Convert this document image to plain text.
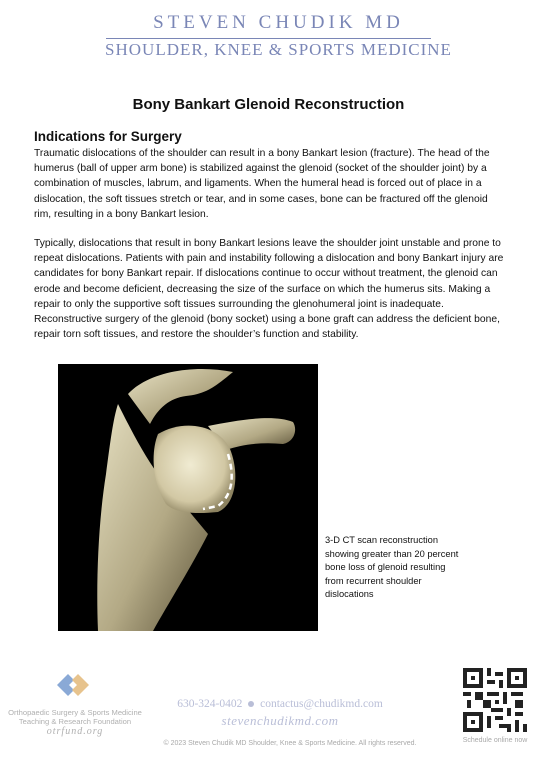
STEVEN CHUDIK MD
SHOULDER, KNEE & SPORTS MEDICINE
Bony Bankart Glenoid Reconstruction
Indications for Surgery

Traumatic dislocations of the shoulder can result in a bony Bankart lesion (fracture). The head of the humerus (ball of upper arm bone) is stabilized against the glenoid (socket of the shoulder joint) by a combination of muscles, labrum, and ligaments. When the humeral head is forced out of place in a dislocation, the soft tissues stretch or tear, and in some cases, bone can be fractured off the glenoid rim, resulting in a bony Bankart lesion.

Typically, dislocations that result in bony Bankart lesions leave the shoulder joint unstable and prone to repeat dislocations. Patients with pain and instability following a dislocation and bony Bankart injury are candidates for bony Bankart repair. If dislocations continue to occur without treatment, the glenoid can erode and become deficient, decreasing the size of the surface on which the humerus sits. Making a repair to only the supportive soft tissues surrounding the glenohumeral joint is inadequate. Reconstructive surgery of the glenoid (bony socket) using a bone graft can address the deficient bone, repair torn soft tissues, and restore the shoulder’s function and stability.

3-D CT scan reconstruction showing greater than 20 percent bone loss of glenoid resulting from recurrent shoulder dislocations
Orthopaedic Surgery & Sports Medicine
Teaching & Research Foundation
otrfund.org
630-324-0402 contactus@chudikmd.com
stevenchudikmd.com
© 2023 Steven Chudik MD Shoulder, Knee & Sports Medicine. All rights reserved.	Schedule online now
